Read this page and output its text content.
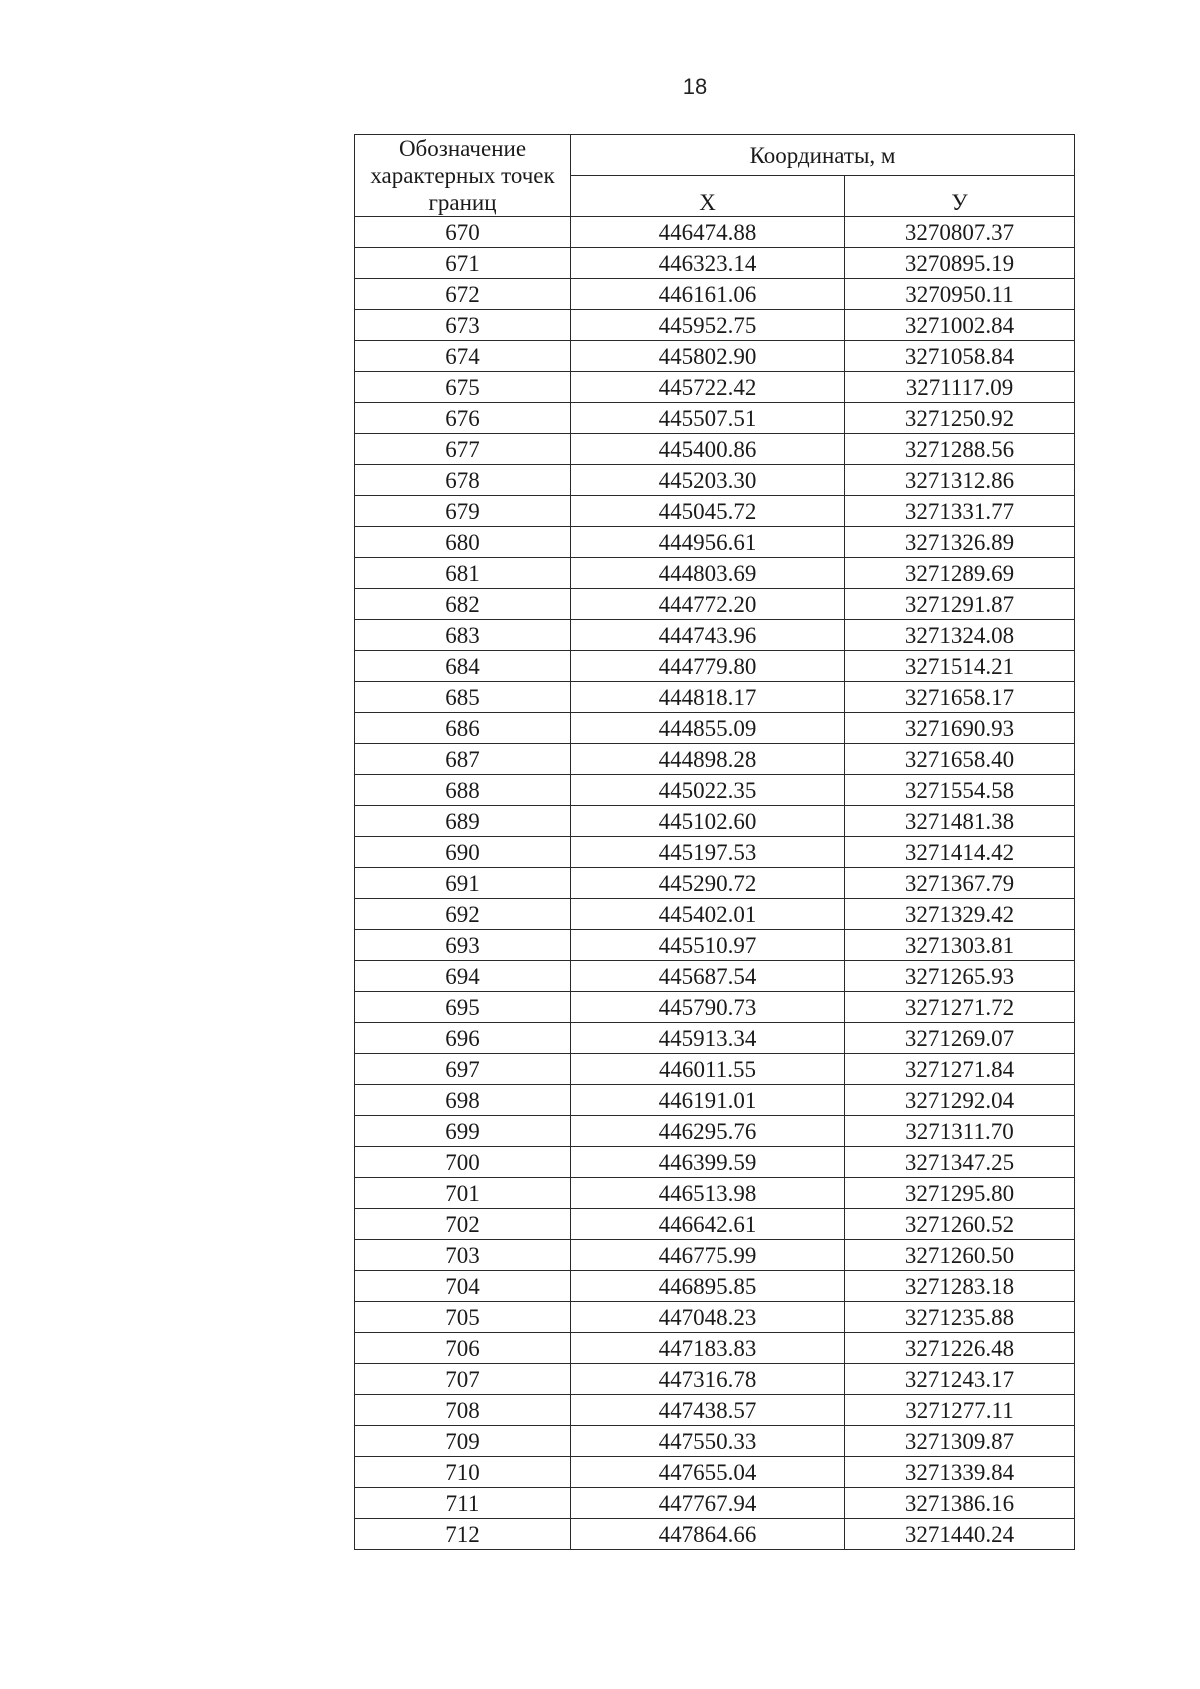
18
Обозначение характерных точек границ	Координаты, м	
	Х	У
670	446474.88	3270807.37
671	446323.14	3270895.19
672	446161.06	3270950.11
673	445952.75	3271002.84
674	445802.90	3271058.84
675	445722.42	3271117.09
676	445507.51	3271250.92
677	445400.86	3271288.56
678	445203.30	3271312.86
679	445045.72	3271331.77
680	444956.61	3271326.89
681	444803.69	3271289.69
682	444772.20	3271291.87
683	444743.96	3271324.08
684	444779.80	3271514.21
685	444818.17	3271658.17
686	444855.09	3271690.93
687	444898.28	3271658.40
688	445022.35	3271554.58
689	445102.60	3271481.38
690	445197.53	3271414.42
691	445290.72	3271367.79
692	445402.01	3271329.42
693	445510.97	3271303.81
694	445687.54	3271265.93
695	445790.73	3271271.72
696	445913.34	3271269.07
697	446011.55	3271271.84
698	446191.01	3271292.04
699	446295.76	3271311.70
700	446399.59	3271347.25
701	446513.98	3271295.80
702	446642.61	3271260.52
703	446775.99	3271260.50
704	446895.85	3271283.18
705	447048.23	3271235.88
706	447183.83	3271226.48
707	447316.78	3271243.17
708	447438.57	3271277.11
709	447550.33	3271309.87
710	447655.04	3271339.84
711	447767.94	3271386.16
712	447864.66	3271440.24
